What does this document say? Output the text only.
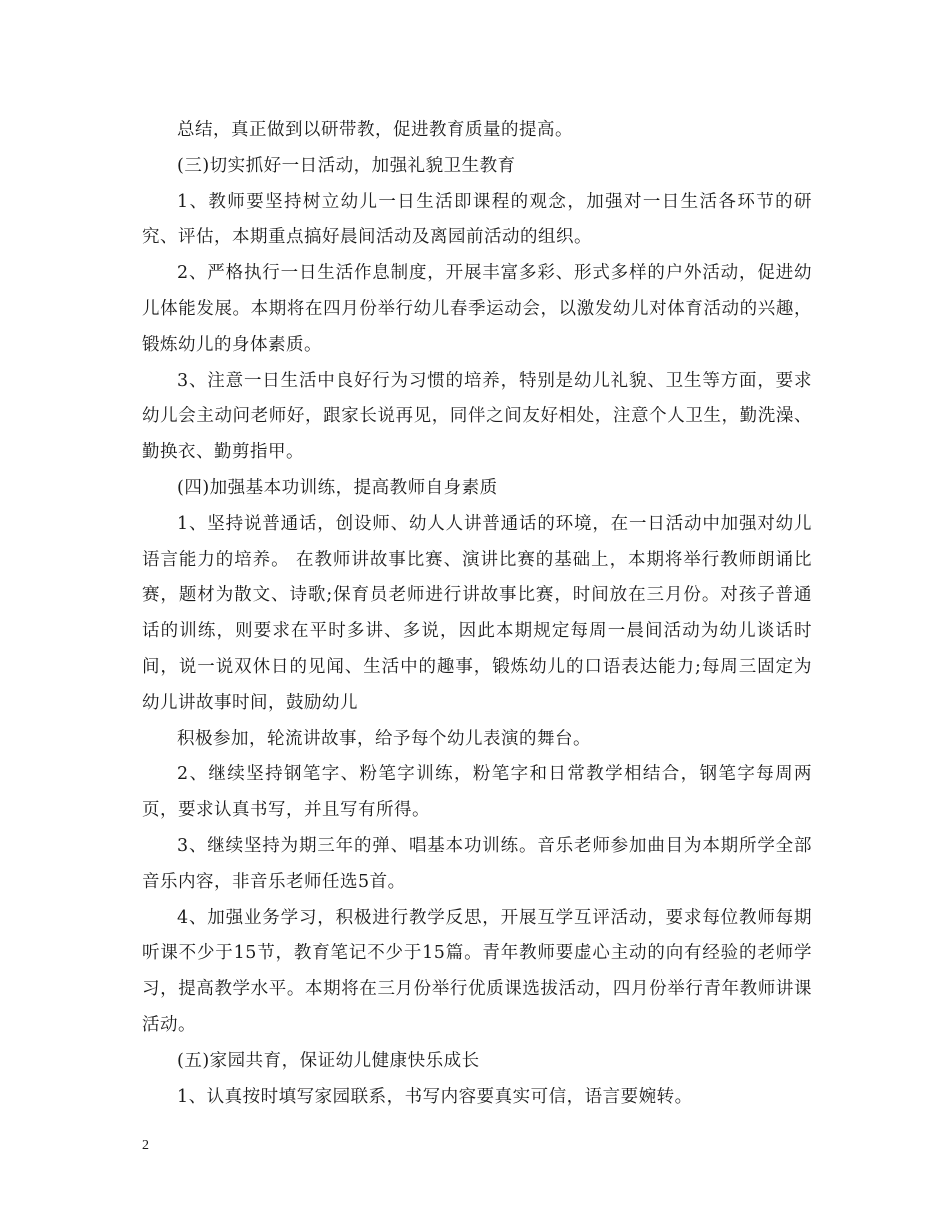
总结，真正做到以研带教，促进教育质量的提高。

(三)切实抓好一日活动，加强礼貌卫生教育

1、教师要坚持树立幼儿一日生活即课程的观念，加强对一日生活各环节的研究、评估，本期重点搞好晨间活动及离园前活动的组织。

2、严格执行一日生活作息制度，开展丰富多彩、形式多样的户外活动，促进幼儿体能发展。本期将在四月份举行幼儿春季运动会，以激发幼儿对体育活动的兴趣，锻炼幼儿的身体素质。

3、注意一日生活中良好行为习惯的培养，特别是幼儿礼貌、卫生等方面，要求幼儿会主动问老师好，跟家长说再见，同伴之间友好相处，注意个人卫生，勤洗澡、勤换衣、勤剪指甲。

(四)加强基本功训练，提高教师自身素质

1、坚持说普通话，创设师、幼人人讲普通话的环境，在一日活动中加强对幼儿语言能力的培养。 在教师讲故事比赛、演讲比赛的基础上，本期将举行教师朗诵比赛，题材为散文、诗歌;保育员老师进行讲故事比赛，时间放在三月份。对孩子普通话的训练，则要求在平时多讲、多说，因此本期规定每周一晨间活动为幼儿谈话时间，说一说双休日的见闻、生活中的趣事，锻炼幼儿的口语表达能力;每周三固定为幼儿讲故事时间，鼓励幼儿

积极参加，轮流讲故事，给予每个幼儿表演的舞台。

2、继续坚持钢笔字、粉笔字训练，粉笔字和日常教学相结合，钢笔字每周两页，要求认真书写，并且写有所得。

3、继续坚持为期三年的弹、唱基本功训练。音乐老师参加曲目为本期所学全部音乐内容，非音乐老师任选5首。

4、加强业务学习，积极进行教学反思，开展互学互评活动，要求每位教师每期听课不少于15节，教育笔记不少于15篇。青年教师要虚心主动的向有经验的老师学习，提高教学水平。本期将在三月份举行优质课选拔活动，四月份举行青年教师讲课活动。

(五)家园共育，保证幼儿健康快乐成长

1、认真按时填写家园联系，书写内容要真实可信，语言要婉转。

2
